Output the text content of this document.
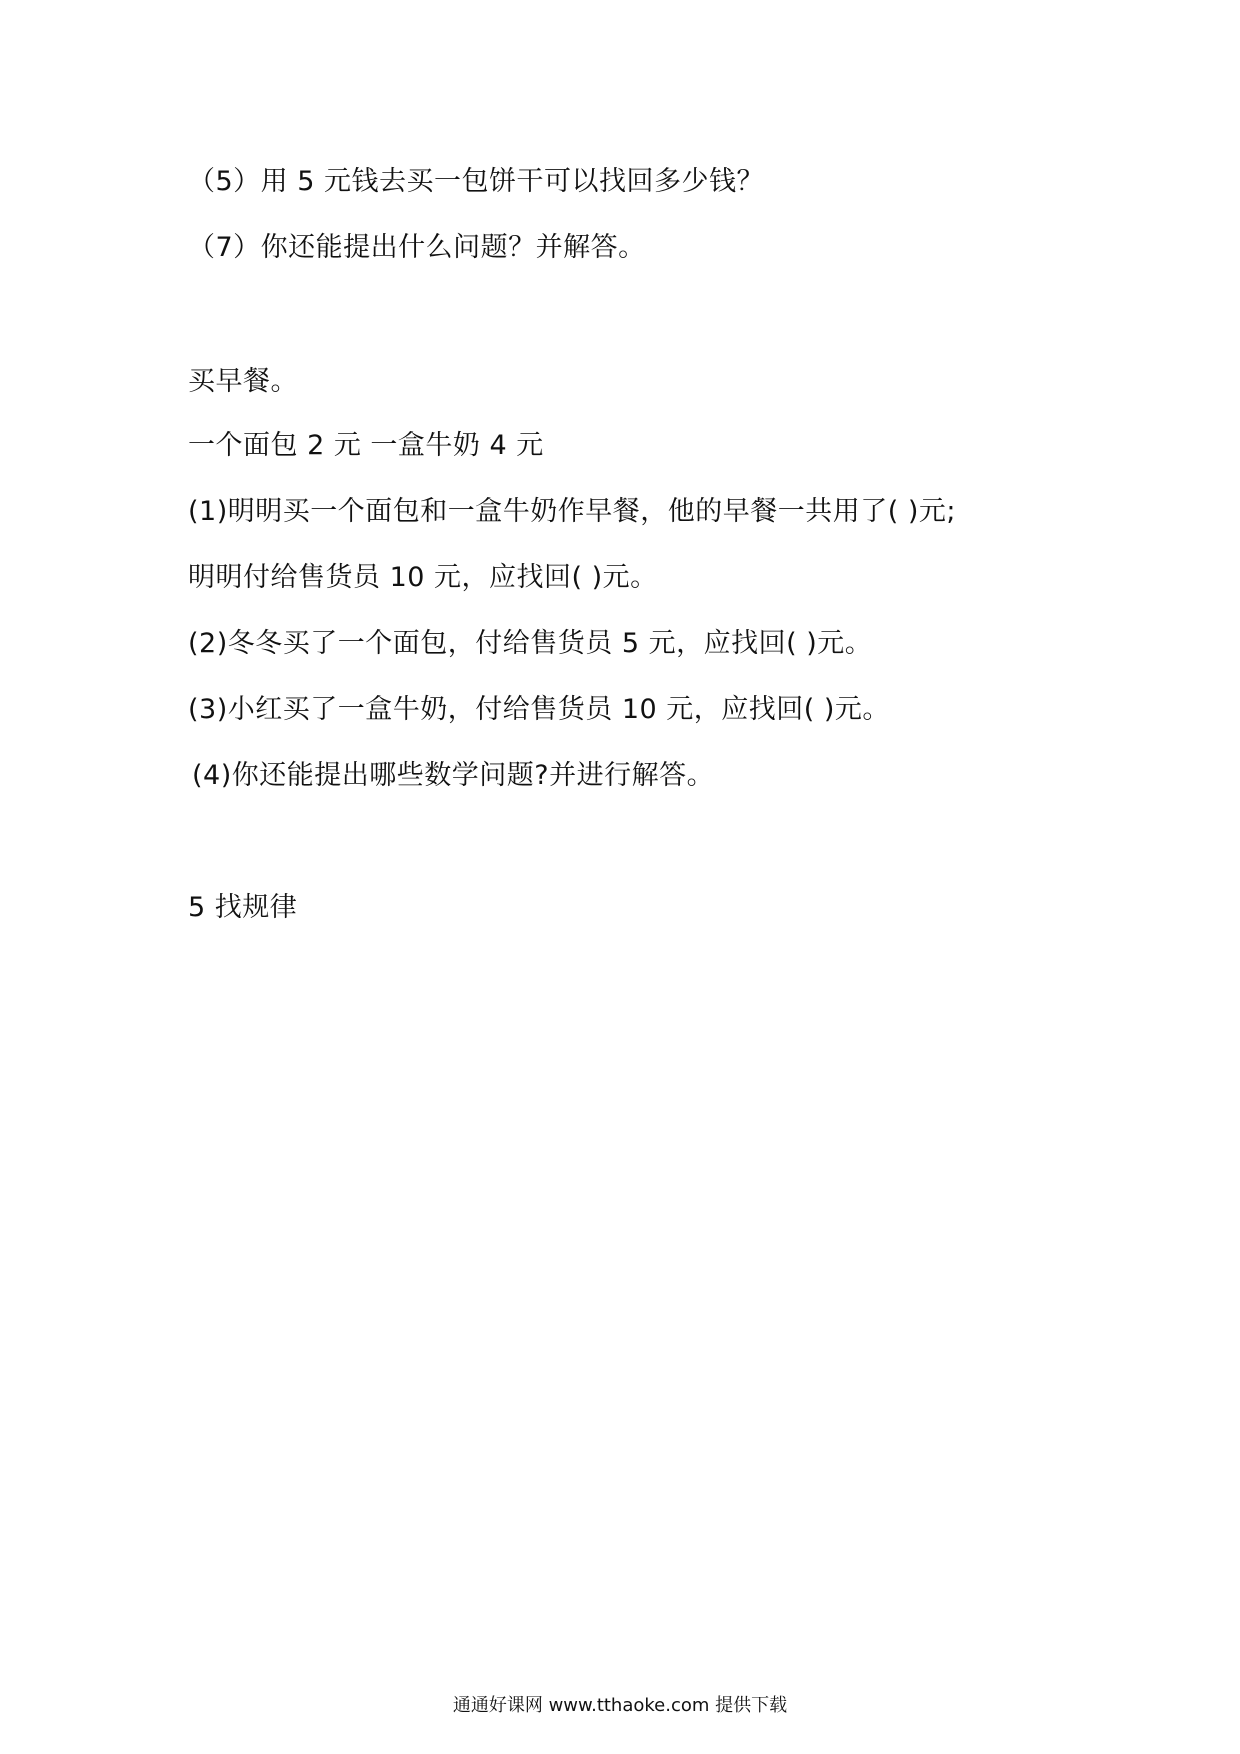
（5）用 5 元钱去买一包饼干可以找回多少钱？
（7）你还能提出什么问题？并解答。
买早餐。
一个面包 2 元 一盒牛奶 4 元
(1)明明买一个面包和一盒牛奶作早餐，他的早餐一共用了( )元;
明明付给售货员 10 元，应找回( )元。
(2)冬冬买了一个面包，付给售货员 5 元，应找回( )元。
(3)小红买了一盒牛奶，付给售货员 10 元，应找回( )元。
(4)你还能提出哪些数学问题?并进行解答。
5 找规律
通通好课网 www.tthaoke.com 提供下载
